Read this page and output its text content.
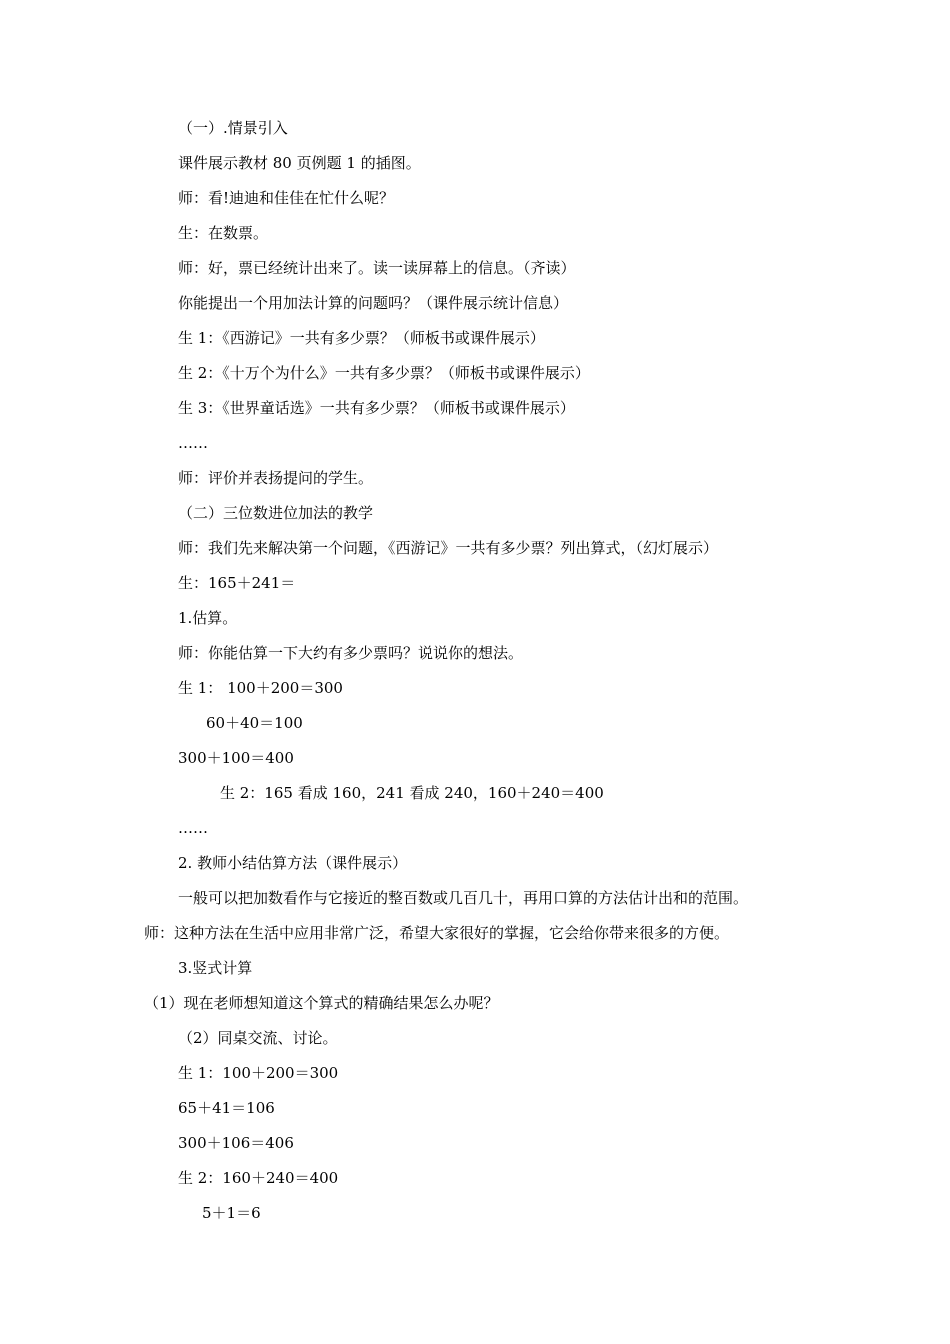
（一）.情景引入
课件展示教材 80 页例题 1 的插图。
师：看!迪迪和佳佳在忙什么呢？
生：在数票。
师：好，票已经统计出来了。读一读屏幕上的信息。（齐读）
你能提出一个用加法计算的问题吗？（课件展示统计信息）
生 1：《西游记》一共有多少票？（师板书或课件展示）
生 2：《十万个为什么》一共有多少票？（师板书或课件展示）
生 3：《世界童话选》一共有多少票？（师板书或课件展示）
……
师：评价并表扬提问的学生。
（二）三位数进位加法的教学
师：我们先来解决第一个问题，《西游记》一共有多少票？列出算式，（幻灯展示）
生：165＋241＝
1.估算。
师：你能估算一下大约有多少票吗？说说你的想法。
生 1： 100＋200＝300
60＋40＝100
300＋100＝400
生 2：165 看成 160，241 看成 240，160＋240＝400
……
2. 教师小结估算方法（课件展示）
一般可以把加数看作与它接近的整百数或几百几十，再用口算的方法估计出和的范围。
师：这种方法在生活中应用非常广泛，希望大家很好的掌握，它会给你带来很多的方便。
3.竖式计算
（1）现在老师想知道这个算式的精确结果怎么办呢？
（2）同桌交流、讨论。
生 1：100＋200＝300
65＋41＝106
300＋106＝406
生 2：160＋240＝400
5＋1＝6
